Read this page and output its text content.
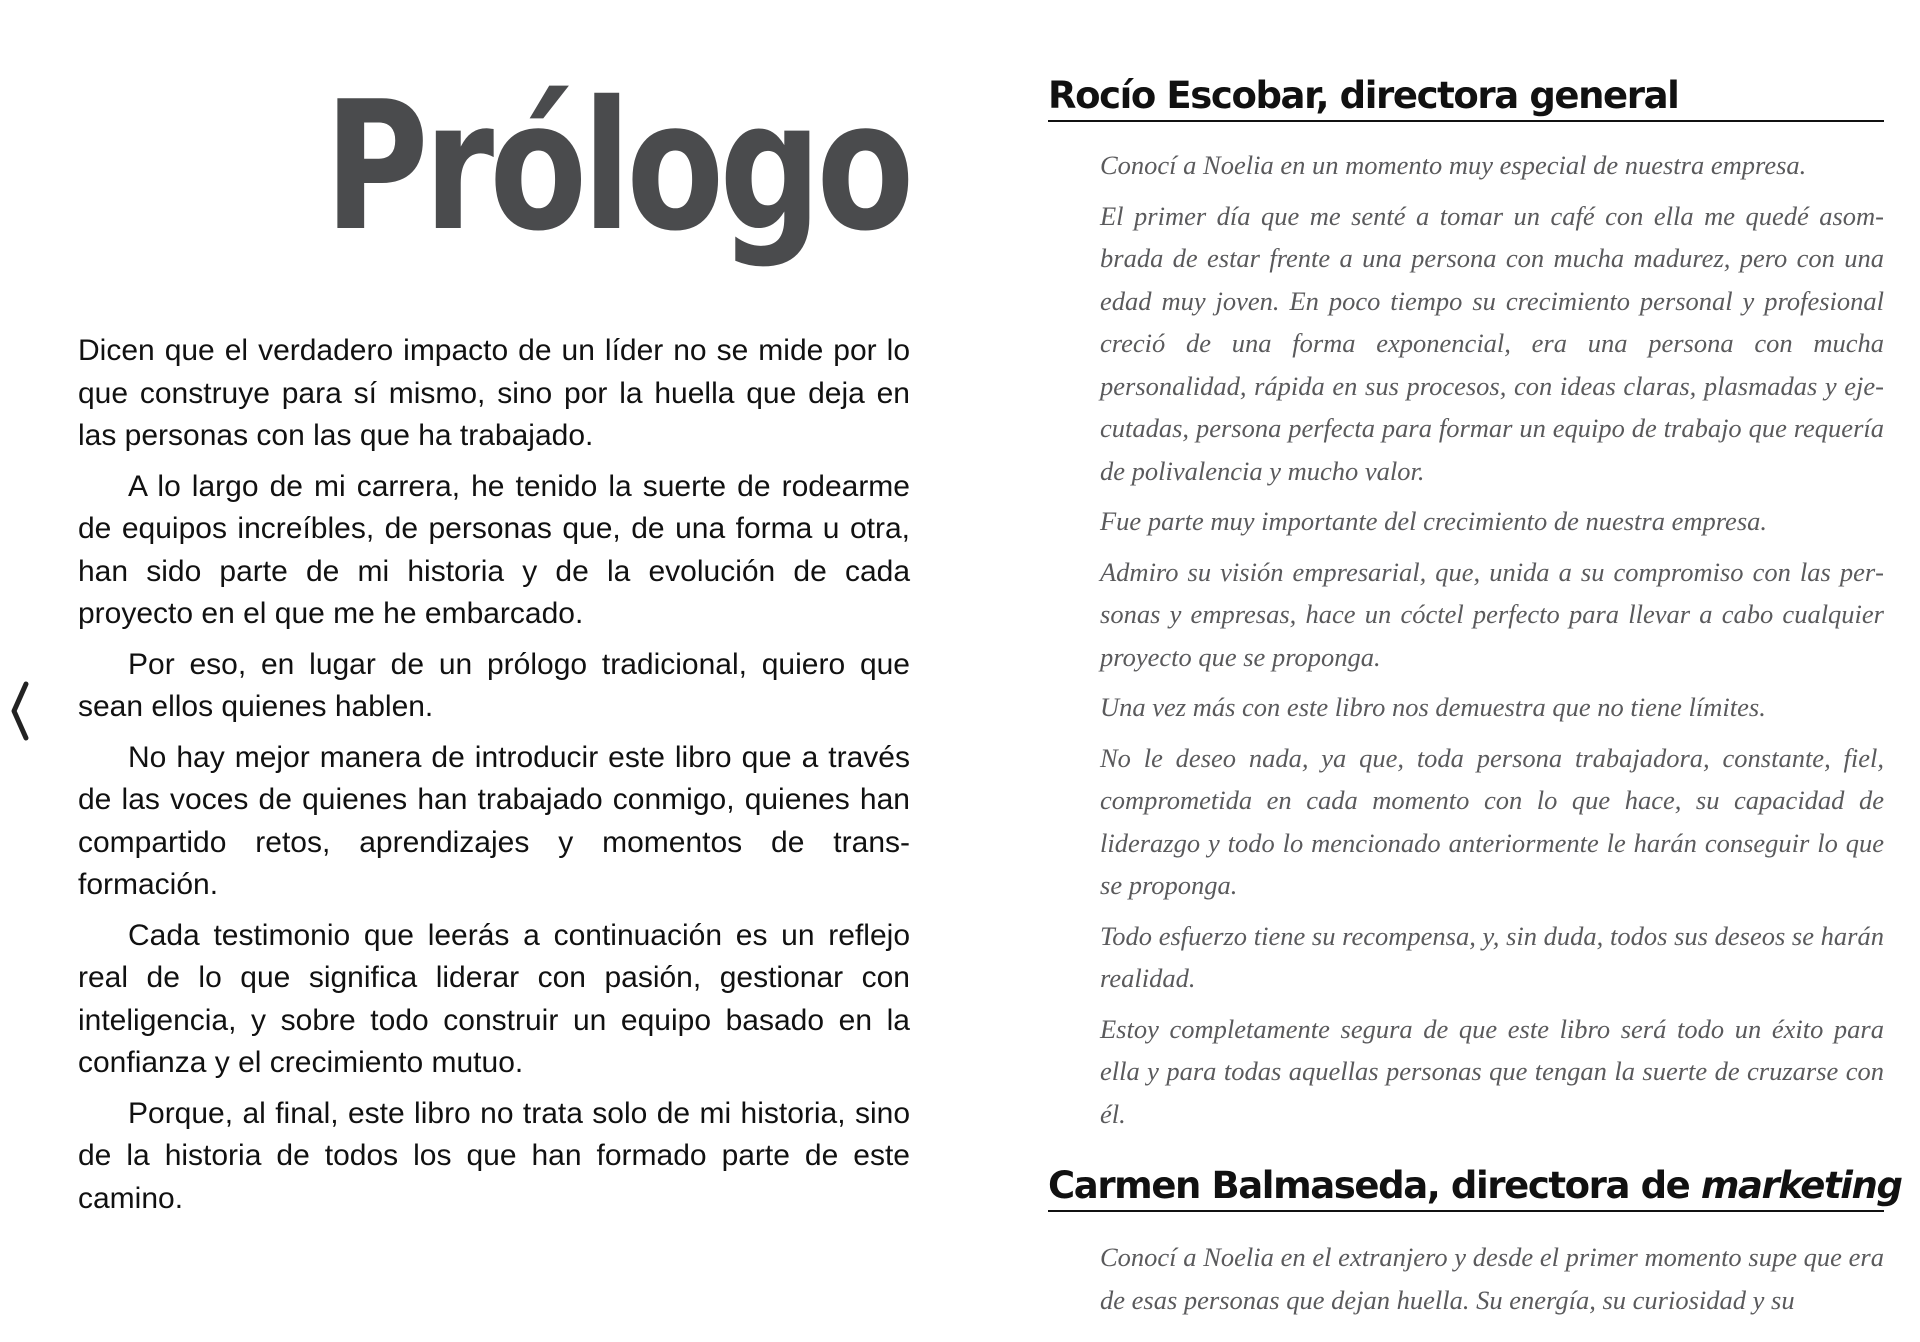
Prólogo

Dicen que el verdadero impacto de un líder no se mide por lo que construye para sí mismo, sino por la huella que deja en las personas con las que ha trabajado.

A lo largo de mi carrera, he tenido la suerte de rodearme de equipos increíbles, de personas que, de una forma u otra, han sido parte de mi historia y de la evolución de cada proyecto en el que me he embarcado.

Por eso, en lugar de un prólogo tradicional, quiero que sean ellos quienes hablen.

No hay mejor manera de introducir este libro que a través de las voces de quienes han trabajado conmigo, quienes han compartido retos, aprendizajes y momentos de transformación.

Cada testimonio que leerás a continuación es un reflejo real de lo que significa liderar con pasión, gestionar con inteligencia, y sobre todo construir un equipo basado en la confianza y el crecimiento mutuo.

Porque, al final, este libro no trata solo de mi historia, sino de la historia de todos los que han formado parte de este camino.

Rocío Escobar, directora general

Conocí a Noelia en un momento muy especial de nuestra empresa.

El primer día que me senté a tomar un café con ella me quedé asombrada de estar frente a una persona con mucha madurez, pero con una edad muy joven. En poco tiempo su crecimiento personal y profesional creció de una forma exponencial, era una persona con mucha personalidad, rápida en sus procesos, con ideas claras, plasmadas y ejecutadas, persona perfecta para formar un equipo de trabajo que requería de polivalencia y mucho valor.

Fue parte muy importante del crecimiento de nuestra empresa.

Admiro su visión empresarial, que, unida a su compromiso con las personas y empresas, hace un cóctel perfecto para llevar a cabo cualquier proyecto que se proponga.

Una vez más con este libro nos demuestra que no tiene límites.

No le deseo nada, ya que, toda persona trabajadora, constante, fiel, comprometida en cada momento con lo que hace, su capacidad de liderazgo y todo lo mencionado anteriormente le harán conseguir lo que se proponga.

Todo esfuerzo tiene su recompensa, y, sin duda, todos sus deseos se harán realidad.

Estoy completamente segura de que este libro será todo un éxito para ella y para todas aquellas personas que tengan la suerte de cruzarse con él.

Carmen Balmaseda, directora de marketing

Conocí a Noelia en el extranjero y desde el primer momento supe que era de esas personas que dejan huella. Su energía, su curiosidad y su
